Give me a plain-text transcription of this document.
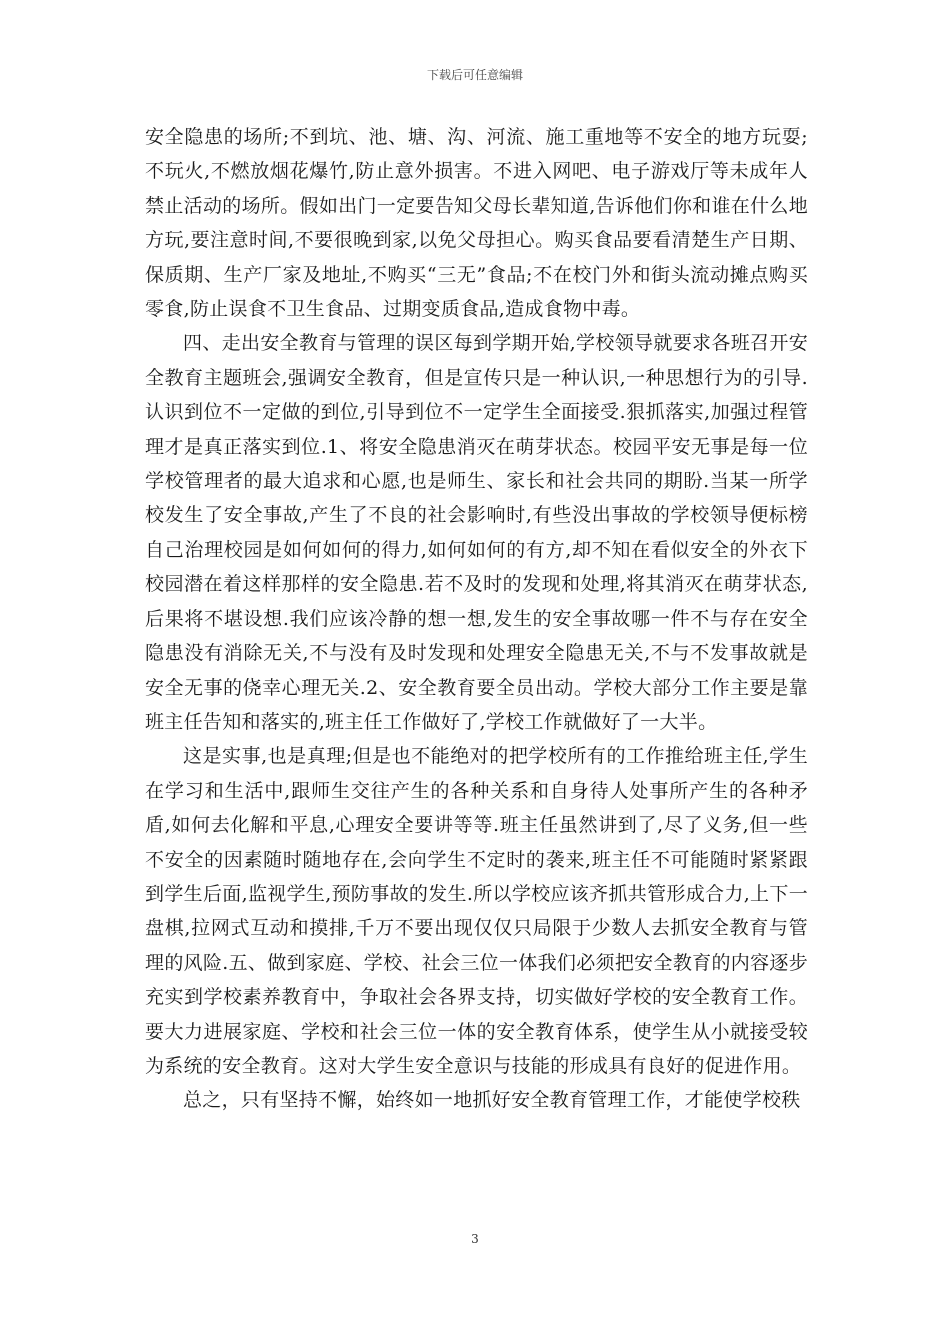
下载后可任意编辑

安全隐患的场所;不到坑、池、塘、沟、河流、施工重地等不安全的地方玩耍;不玩火,不燃放烟花爆竹,防止意外损害。不进入网吧、电子游戏厅等未成年人禁止活动的场所。假如出门一定要告知父母长辈知道,告诉他们你和谁在什么地方玩,要注意时间,不要很晚到家,以免父母担心。购买食品要看清楚生产日期、保质期、生产厂家及地址,不购买“三无”食品;不在校门外和街头流动摊点购买零食,防止误食不卫生食品、过期变质食品,造成食物中毒。

四、走出安全教育与管理的误区每到学期开始,学校领导就要求各班召开安全教育主题班会,强调安全教育，但是宣传只是一种认识,一种思想行为的引导.认识到位不一定做的到位,引导到位不一定学生全面接受.狠抓落实,加强过程管理才是真正落实到位.1、将安全隐患消灭在萌芽状态。校园平安无事是每一位学校管理者的最大追求和心愿,也是师生、家长和社会共同的期盼.当某一所学校发生了安全事故,产生了不良的社会影响时,有些没出事故的学校领导便标榜自己治理校园是如何如何的得力,如何如何的有方,却不知在看似安全的外衣下校园潜在着这样那样的安全隐患.若不及时的发现和处理,将其消灭在萌芽状态,后果将不堪设想.我们应该冷静的想一想,发生的安全事故哪一件不与存在安全隐患没有消除无关,不与没有及时发现和处理安全隐患无关,不与不发事故就是安全无事的侥幸心理无关.2、安全教育要全员出动。学校大部分工作主要是靠班主任告知和落实的,班主任工作做好了,学校工作就做好了一大半。

这是实事,也是真理;但是也不能绝对的把学校所有的工作推给班主任,学生在学习和生活中,跟师生交往产生的各种关系和自身待人处事所产生的各种矛盾,如何去化解和平息,心理安全要讲等等.班主任虽然讲到了,尽了义务,但一些不安全的因素随时随地存在,会向学生不定时的袭来,班主任不可能随时紧紧跟到学生后面,监视学生,预防事故的发生.所以学校应该齐抓共管形成合力,上下一盘棋,拉网式互动和摸排,千万不要出现仅仅只局限于少数人去抓安全教育与管理的风险.五、做到家庭、学校、社会三位一体我们必须把安全教育的内容逐步充实到学校素养教育中，争取社会各界支持，切实做好学校的安全教育工作。要大力进展家庭、学校和社会三位一体的安全教育体系，使学生从小就接受较为系统的安全教育。这对大学生安全意识与技能的形成具有良好的促进作用。

总之，只有坚持不懈，始终如一地抓好安全教育管理工作，才能使学校秩

3
